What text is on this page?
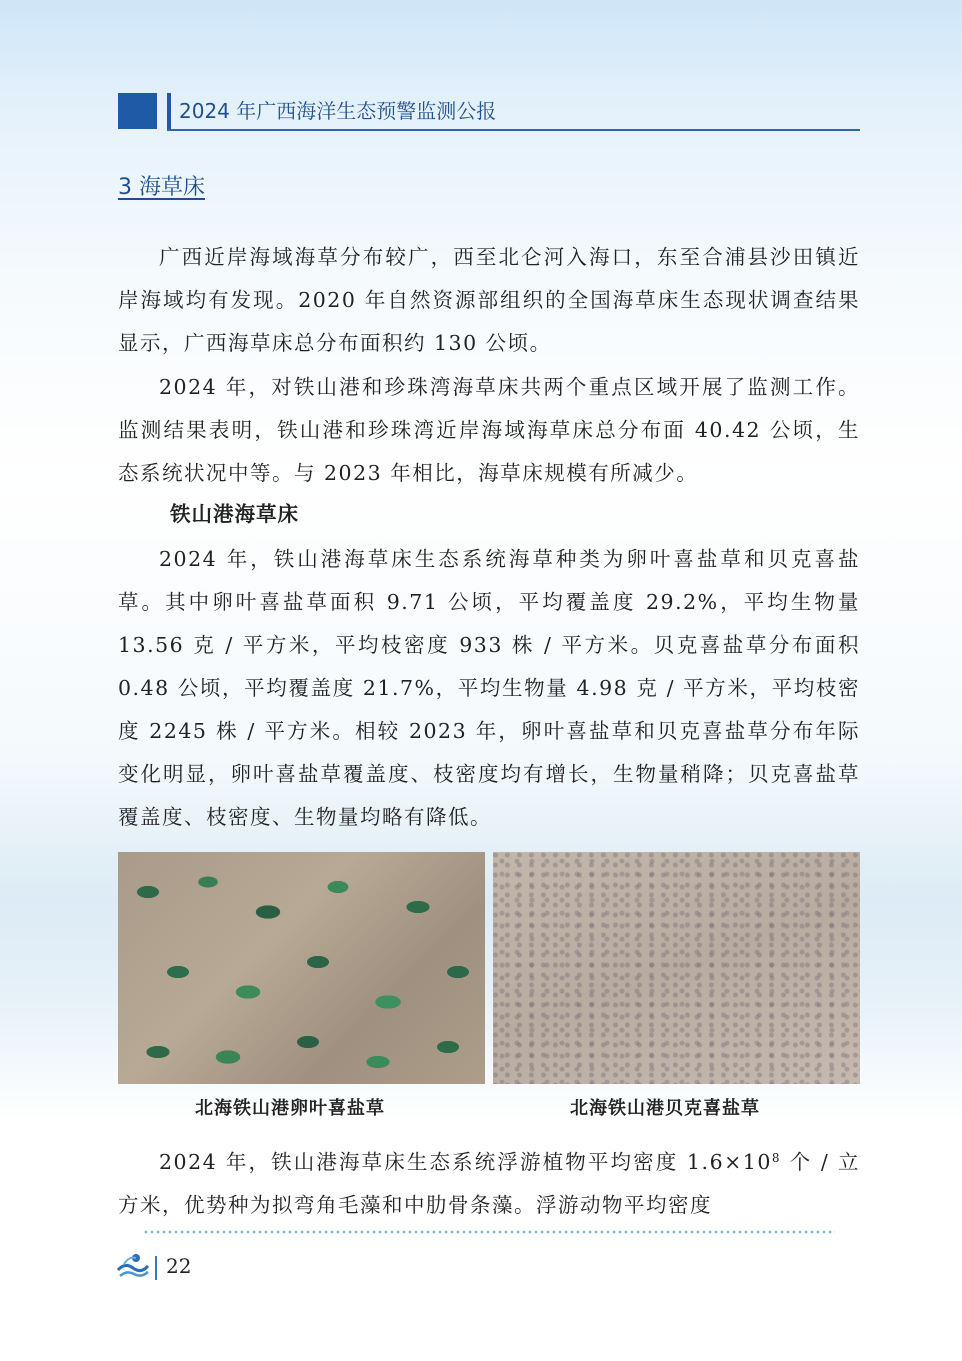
2024 年广西海洋生态预警监测公报
3 海草床

广西近岸海域海草分布较广，西至北仑河入海口，东至合浦县沙田镇近岸海域均有发现。2020 年自然资源部组织的全国海草床生态现状调查结果显示，广西海草床总分布面积约 130 公顷。

2024 年，对铁山港和珍珠湾海草床共两个重点区域开展了监测工作。监测结果表明，铁山港和珍珠湾近岸海域海草床总分布面 40.42 公顷，生态系统状况中等。与 2023 年相比，海草床规模有所减少。

铁山港海草床

2024 年，铁山港海草床生态系统海草种类为卵叶喜盐草和贝克喜盐草。其中卵叶喜盐草面积 9.71 公顷，平均覆盖度 29.2%，平均生物量 13.56 克 / 平方米，平均枝密度 933 株 / 平方米。贝克喜盐草分布面积 0.48 公顷，平均覆盖度 21.7%，平均生物量 4.98 克 / 平方米，平均枝密度 2245 株 / 平方米。相较 2023 年，卵叶喜盐草和贝克喜盐草分布年际变化明显，卵叶喜盐草覆盖度、枝密度均有增长，生物量稍降；贝克喜盐草覆盖度、枝密度、生物量均略有降低。

北海铁山港卵叶喜盐草	北海铁山港贝克喜盐草

2024 年，铁山港海草床生态系统浮游植物平均密度 $1.6\times 10^8$ 个 / 立方米，优势种为拟弯角毛藻和中肋骨条藻。浮游动物平均密度

22
